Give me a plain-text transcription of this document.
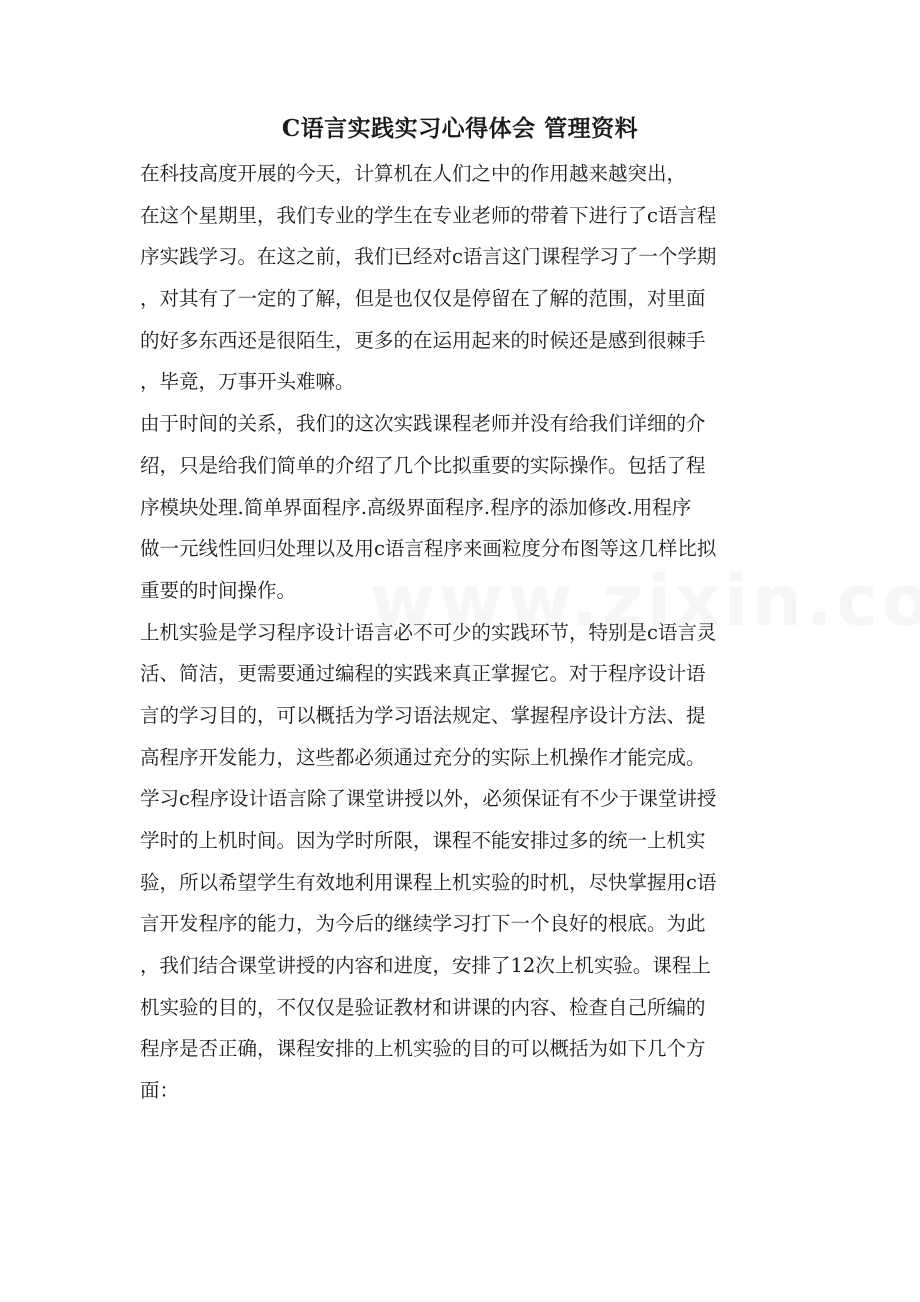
C语言实践实习心得体会 管理资料
在科技高度开展的今天，计算机在人们之中的作用越来越突出，
在这个星期里，我们专业的学生在专业老师的带着下进行了c语言程
序实践学习。在这之前，我们已经对c语言这门课程学习了一个学期
，对其有了一定的了解，但是也仅仅是停留在了解的范围，对里面
的好多东西还是很陌生，更多的在运用起来的时候还是感到很棘手
，毕竟，万事开头难嘛。
由于时间的关系，我们的这次实践课程老师并没有给我们详细的介
绍，只是给我们简单的介绍了几个比拟重要的实际操作。包括了程
序模块处理.简单界面程序.高级界面程序.程序的添加修改.用程序
做一元线性回归处理以及用c语言程序来画粒度分布图等这几样比拟
重要的时间操作。
上机实验是学习程序设计语言必不可少的实践环节，特别是c语言灵
活、简洁，更需要通过编程的实践来真正掌握它。对于程序设计语
言的学习目的，可以概括为学习语法规定、掌握程序设计方法、提
高程序开发能力，这些都必须通过充分的实际上机操作才能完成。
学习c程序设计语言除了课堂讲授以外，必须保证有不少于课堂讲授
学时的上机时间。因为学时所限，课程不能安排过多的统一上机实
验，所以希望学生有效地利用课程上机实验的时机，尽快掌握用c语
言开发程序的能力，为今后的继续学习打下一个良好的根底。为此
，我们结合课堂讲授的内容和进度，安排了12次上机实验。课程上
机实验的目的，不仅仅是验证教材和讲课的内容、检查自己所编的
程序是否正确，课程安排的上机实验的目的可以概括为如下几个方
面：
